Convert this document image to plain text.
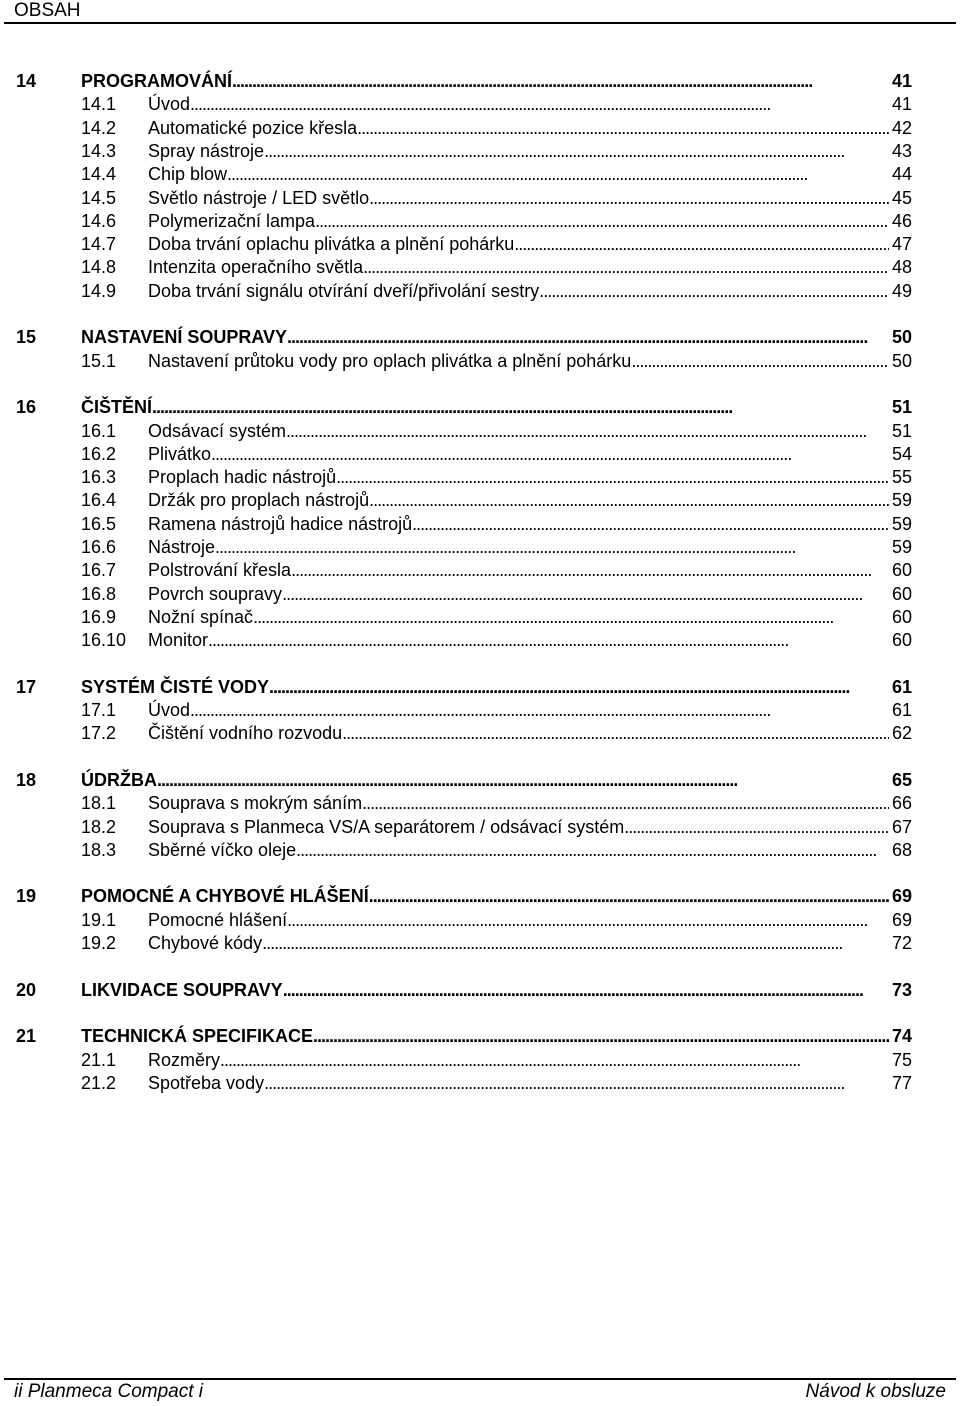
OBSAH
14 PROGRAMOVÁNÍ . . .	41
14.1 Úvod . . .	41
14.2 Automatické pozice křesla . . .	42
14.3 Spray nástroje . . .	43
14.4 Chip blow . . .	44
14.5 Světlo nástroje / LED světlo . . .	45
14.6 Polymerizační lampa . . .	46
14.7 Doba trvání oplachu plivátka a plnění pohárku . . .	47
14.8 Intenzita operačního světla . . .	48
14.9 Doba trvání signálu otvírání dveří/přivolání sestry . . .	49
15 NASTAVENÍ SOUPRAVY . . .	50
15.1 Nastavení průtoku vody pro oplach plivátka a plnění pohárku . . .	50
16 ČIŠTĚNÍ . . .	51
16.1 Odsávací systém . . .	51
16.2 Plivátko . . .	54
16.3 Proplach hadic nástrojů . . .	55
16.4 Držák pro proplach nástrojů . . .	59
16.5 Ramena nástrojů hadice nástrojů . . .	59
16.6 Nástroje . . .	59
16.7 Polstrování křesla . . .	60
16.8 Povrch soupravy . . .	60
16.9 Nožní spínač . . .	60
16.10 Monitor . . .	60
17 SYSTÉM ČISTÉ VODY . . .	61
17.1 Úvod . . .	61
17.2 Čištění vodního rozvodu . . .	62
18 ÚDRŽBA . . .	65
18.1 Souprava s mokrým sáním . . .	66
18.2 Souprava s Planmeca VS/A separátorem / odsávací systém . . .	67
18.3 Sběrné víčko oleje . . .	68
19 POMOCNÉ A CHYBOVÉ HLÁŠENÍ . . .	69
19.1 Pomocné hlášení . . .	69
19.2 Chybové kódy . . .	72
20 LIKVIDACE SOUPRAVY . . .	73
21 TECHNICKÁ SPECIFIKACE . . .	74
21.1 Rozměry . . .	75
21.2 Spotřeba vody . . .	77
ii Planmeca Compact i	Návod k obsluze
